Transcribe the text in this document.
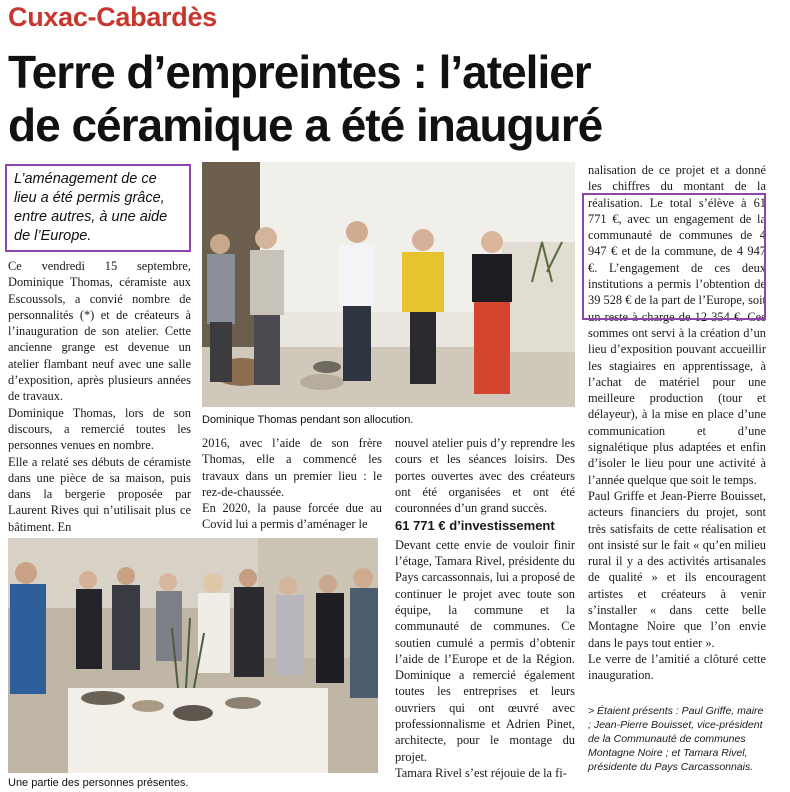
Cuxac-Cabardès
Terre d’empreintes : l’atelier
de céramique a été inauguré
L’aménagement de ce lieu a été permis grâce, entre autres, à une aide de l’Europe.

Ce vendredi 15 septembre, Dominique Thomas, céramiste aux Escoussols, a convié nombre de personnalités (*) et de créateurs à l’inauguration de son atelier. Cette ancienne grange est devenue un atelier flambant neuf avec une salle d’exposition, après plusieurs années de travaux.

Dominique Thomas, lors de son discours, a remercié toutes les personnes venues en nombre.

Elle a relaté ses débuts de céramiste dans une pièce de sa maison, puis dans la bergerie proposée par Laurent Rives qui n’utilisait plus ce bâtiment. En

Dominique Thomas pendant son allocution.

2016, avec l’aide de son frère Thomas, elle a commencé les travaux dans un premier lieu : le rez-de-chaussée.

En 2020, la pause forcée due au Covid lui a permis d’aménager le

nouvel atelier puis d’y reprendre les cours et les séances loisirs. Des portes ouvertes avec des créateurs ont été organisées et ont été couronnées d’un grand succès.

61 771 € d’investissement

Devant cette envie de vouloir finir l’étage, Tamara Rivel, présidente du Pays carcassonnais, lui a proposé de continuer le projet avec toute son équipe, la commune et la communauté de communes. Ce soutien cumulé a permis d’obtenir l’aide de l’Europe et de la Région. Dominique a remercié également toutes les entreprises et leurs ouvriers qui ont œuvré avec professionnalisme et Adrien Pinet, architecte, pour le montage du projet.

Tamara Rivel s’est réjouie de la fi-

Une partie des personnes présentes.

nalisation de ce projet et a donné les chiffres du montant de la réalisation. Le total s’élève à 61 771 €, avec un engagement de la communauté de communes de 4 947 € et de la commune, de 4 947 €. L’engagement de ces deux institutions a permis l’obtention de 39 528 € de la part de l’Europe, soit un reste à charge de 12 354 €. Ces sommes ont servi à la création d’un lieu d’exposition pouvant accueillir les stagiaires en apprentissage, à l’achat de matériel pour une meilleure production (tour et délayeur), à la mise en place d’une communication et d’une signalétique plus adaptées et enfin d’isoler le lieu pour une activité à l’année quelque que soit le temps.

Paul Griffe et Jean-Pierre Bouisset, acteurs financiers du projet, sont très satisfaits de cette réalisation et ont insisté sur le fait « qu’en milieu rural il y a des activités artisanales de qualité » et ils encouragent artistes et créateurs à venir s’installer « dans cette belle Montagne Noire que l’on envie dans le pays tout entier ».

Le verre de l’amitié a clôturé cette inauguration.

> Étaient présents : Paul Griffe, maire ; Jean-Pierre Bouisset, vice-président de la Communauté de communes Montagne Noire ; et Tamara Rivel, présidente du Pays Carcassonnais.
